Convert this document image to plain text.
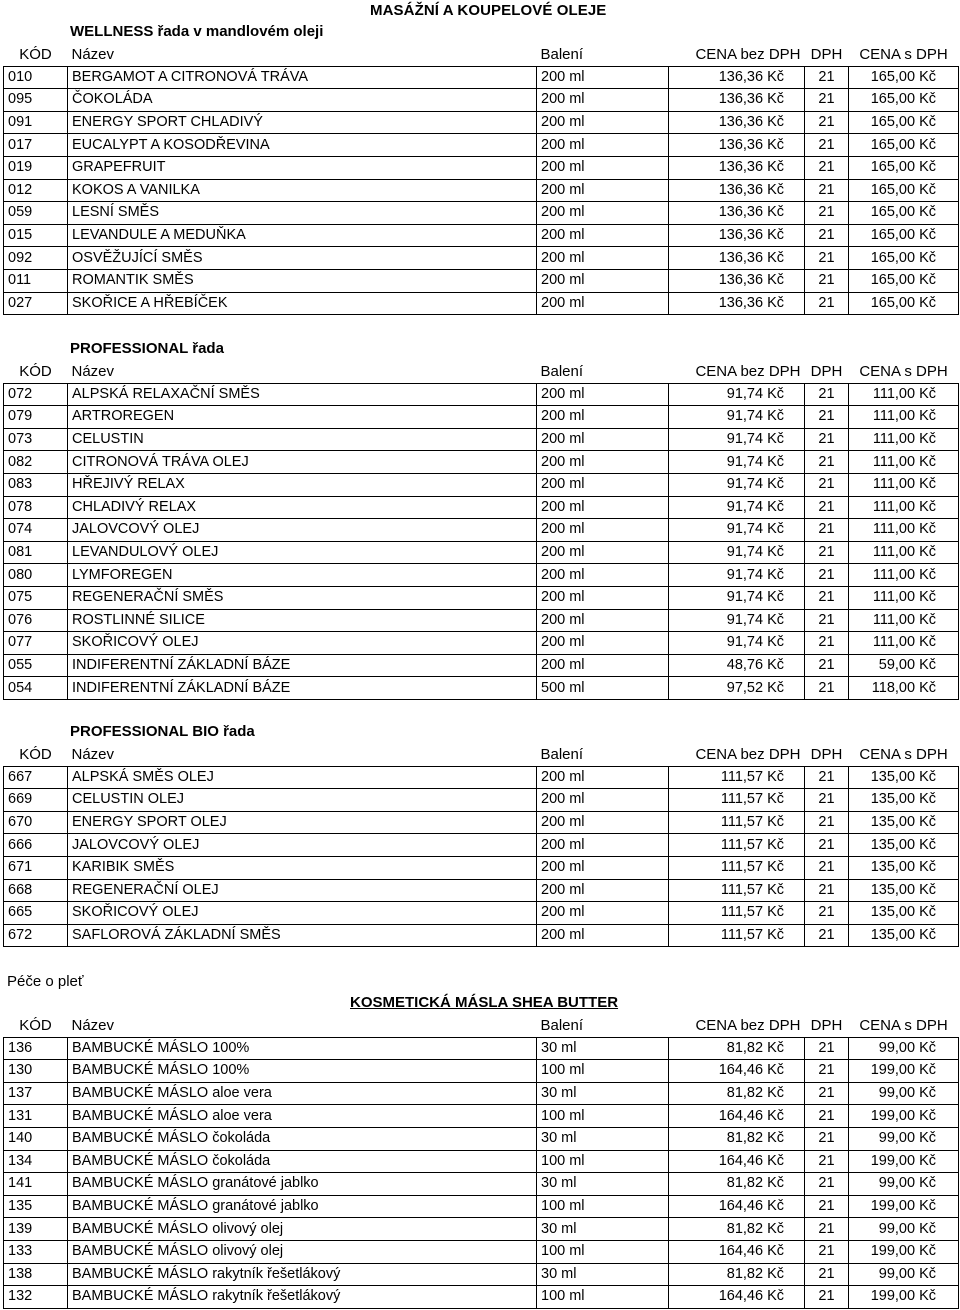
MASÁŽNÍ A KOUPELOVÉ OLEJE
WELLNESS řada v mandlovém oleji
KÓD	Název	Balení	CENA bez DPH	DPH	CENA s DPH
010	BERGAMOT A CITRONOVÁ TRÁVA	200 ml	136,36 Kč	21	165,00 Kč
095	ČOKOLÁDA	200 ml	136,36 Kč	21	165,00 Kč
091	ENERGY SPORT CHLADIVÝ	200 ml	136,36 Kč	21	165,00 Kč
017	EUCALYPT A KOSODŘEVINA	200 ml	136,36 Kč	21	165,00 Kč
019	GRAPEFRUIT	200 ml	136,36 Kč	21	165,00 Kč
012	KOKOS A VANILKA	200 ml	136,36 Kč	21	165,00 Kč
059	LESNÍ SMĚS	200 ml	136,36 Kč	21	165,00 Kč
015	LEVANDULE A MEDUŇKA	200 ml	136,36 Kč	21	165,00 Kč
092	OSVĚŽUJÍCÍ SMĚS	200 ml	136,36 Kč	21	165,00 Kč
011	ROMANTIK SMĚS	200 ml	136,36 Kč	21	165,00 Kč
027	SKOŘICE A HŘEBÍČEK	200 ml	136,36 Kč	21	165,00 Kč
PROFESSIONAL řada
KÓD	Název	Balení	CENA bez DPH	DPH	CENA s DPH
072	ALPSKÁ RELAXAČNÍ SMĚS	200 ml	91,74 Kč	21	111,00 Kč
079	ARTROREGEN	200 ml	91,74 Kč	21	111,00 Kč
073	CELUSTIN	200 ml	91,74 Kč	21	111,00 Kč
082	CITRONOVÁ TRÁVA OLEJ	200 ml	91,74 Kč	21	111,00 Kč
083	HŘEJIVÝ RELAX	200 ml	91,74 Kč	21	111,00 Kč
078	CHLADIVÝ RELAX	200 ml	91,74 Kč	21	111,00 Kč
074	JALOVCOVÝ OLEJ	200 ml	91,74 Kč	21	111,00 Kč
081	LEVANDULOVÝ OLEJ	200 ml	91,74 Kč	21	111,00 Kč
080	LYMFOREGEN	200 ml	91,74 Kč	21	111,00 Kč
075	REGENERAČNÍ SMĚS	200 ml	91,74 Kč	21	111,00 Kč
076	ROSTLINNÉ SILICE	200 ml	91,74 Kč	21	111,00 Kč
077	SKOŘICOVÝ OLEJ	200 ml	91,74 Kč	21	111,00 Kč
055	INDIFERENTNÍ ZÁKLADNÍ BÁZE	200 ml	48,76 Kč	21	59,00 Kč
054	INDIFERENTNÍ ZÁKLADNÍ BÁZE	500 ml	97,52 Kč	21	118,00 Kč
PROFESSIONAL BIO řada
KÓD	Název	Balení	CENA bez DPH	DPH	CENA s DPH
667	ALPSKÁ SMĚS OLEJ	200 ml	111,57 Kč	21	135,00 Kč
669	CELUSTIN OLEJ	200 ml	111,57 Kč	21	135,00 Kč
670	ENERGY SPORT OLEJ	200 ml	111,57 Kč	21	135,00 Kč
666	JALOVCOVÝ OLEJ	200 ml	111,57 Kč	21	135,00 Kč
671	KARIBIK SMĚS	200 ml	111,57 Kč	21	135,00 Kč
668	REGENERAČNÍ OLEJ	200 ml	111,57 Kč	21	135,00 Kč
665	SKOŘICOVÝ OLEJ	200 ml	111,57 Kč	21	135,00 Kč
672	SAFLOROVÁ ZÁKLADNÍ SMĚS	200 ml	111,57 Kč	21	135,00 Kč
Péče o pleť
KOSMETICKÁ MÁSLA SHEA BUTTER
KÓD	Název	Balení	CENA bez DPH	DPH	CENA s DPH
136	BAMBUCKÉ MÁSLO 100%	30 ml	81,82 Kč	21	99,00 Kč
130	BAMBUCKÉ MÁSLO 100%	100 ml	164,46 Kč	21	199,00 Kč
137	BAMBUCKÉ MÁSLO aloe vera	30 ml	81,82 Kč	21	99,00 Kč
131	BAMBUCKÉ MÁSLO aloe vera	100 ml	164,46 Kč	21	199,00 Kč
140	BAMBUCKÉ MÁSLO čokoláda	30 ml	81,82 Kč	21	99,00 Kč
134	BAMBUCKÉ MÁSLO čokoláda	100 ml	164,46 Kč	21	199,00 Kč
141	BAMBUCKÉ MÁSLO granátové jablko	30 ml	81,82 Kč	21	99,00 Kč
135	BAMBUCKÉ MÁSLO granátové jablko	100 ml	164,46 Kč	21	199,00 Kč
139	BAMBUCKÉ MÁSLO olivový olej	30 ml	81,82 Kč	21	99,00 Kč
133	BAMBUCKÉ MÁSLO olivový olej	100 ml	164,46 Kč	21	199,00 Kč
138	BAMBUCKÉ MÁSLO rakytník řešetlákový	30 ml	81,82 Kč	21	99,00 Kč
132	BAMBUCKÉ MÁSLO rakytník řešetlákový	100 ml	164,46 Kč	21	199,00 Kč
